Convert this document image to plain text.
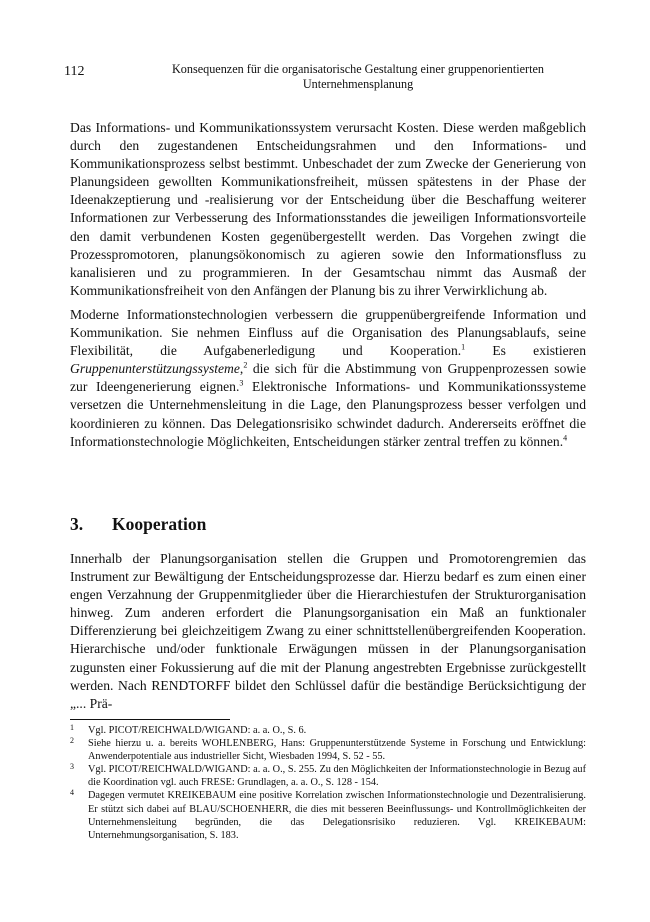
112	Konsequenzen für die organisatorische Gestaltung einer gruppenorientierten
Unternehmensplanung

Das Informations- und Kommunikationssystem verursacht Kosten. Diese werden maßgeblich durch den zugestandenen Entscheidungsrahmen und den Informations- und Kommunikationsprozess selbst bestimmt. Unbeschadet der zum Zwecke der Generierung von Planungsideen gewollten Kommunikationsfreiheit, müssen spätestens in der Phase der Ideenakzeptierung und -realisierung vor der Entscheidung über die Beschaffung weiterer Informationen zur Verbesserung des Informationsstandes die jeweiligen Informationsvorteile den damit verbundenen Kosten gegenübergestellt werden. Das Vorgehen zwingt die Prozesspromotoren, planungsökonomisch zu agieren sowie den Informationsfluss zu kanalisieren und zu programmieren. In der Gesamtschau nimmt das Ausmaß der Kommunikationsfreiheit von den Anfängen der Planung bis zu ihrer Verwirklichung ab.

Moderne Informationstechnologien verbessern die gruppenübergreifende Information und Kommunikation. Sie nehmen Einfluss auf die Organisation des Planungsablaufs, seine Flexibilität, die Aufgabenerledigung und Kooperation.$^1$ Es existieren Gruppenunterstützungssysteme,$^2$ die sich für die Abstimmung von Gruppenprozessen sowie zur Ideengenerierung eignen.$^3$ Elektronische Informations- und Kommunikationssysteme versetzen die Unternehmensleitung in die Lage, den Planungsprozess besser verfolgen und koordinieren zu können. Das Delegationsrisiko schwindet dadurch. Andererseits eröffnet die Informationstechnologie Möglichkeiten, Entscheidungen stärker zentral treffen zu können.$^4$

3. Kooperation

Innerhalb der Planungsorganisation stellen die Gruppen und Promotorengremien das Instrument zur Bewältigung der Entscheidungsprozesse dar. Hierzu bedarf es zum einen einer engen Verzahnung der Gruppenmitglieder über die Hierarchiestufen der Strukturorganisation hinweg. Zum anderen erfordert die Planungsorganisation ein Maß an funktionaler Differenzierung bei gleichzeitigem Zwang zu einer schnittstellenübergreifenden Kooperation. Hierarchische und/oder funktionale Erwägungen müssen in der Planungsorganisation zugunsten einer Fokussierung auf die mit der Planung angestrebten Ergebnisse zurückgestellt werden. Nach RENDTORFF bildet den Schlüssel dafür die beständige Berücksichtigung der „... Prä-

1 Vgl. PICOT/REICHWALD/WIGAND: a. a. O., S. 6.
2 Siehe hierzu u. a. bereits WOHLENBERG, Hans: Gruppenunterstützende Systeme in Forschung und Entwicklung: Anwenderpotentiale aus industrieller Sicht, Wiesbaden 1994, S. 52 - 55.
3 Vgl. PICOT/REICHWALD/WIGAND: a. a. O., S. 255. Zu den Möglichkeiten der Informationstechnologie in Bezug auf die Koordination vgl. auch FRESE: Grundlagen, a. a. O., S. 128 - 154.
4 Dagegen vermutet KREIKEBAUM eine positive Korrelation zwischen Informationstechnologie und Dezentralisierung. Er stützt sich dabei auf BLAU/SCHOENHERR, die dies mit besseren Beeinflussungs- und Kontrollmöglichkeiten der Unternehmensleitung begründen, die das Delegationsrisiko reduzieren. Vgl. KREIKEBAUM: Unternehmungsorganisation, S. 183.
